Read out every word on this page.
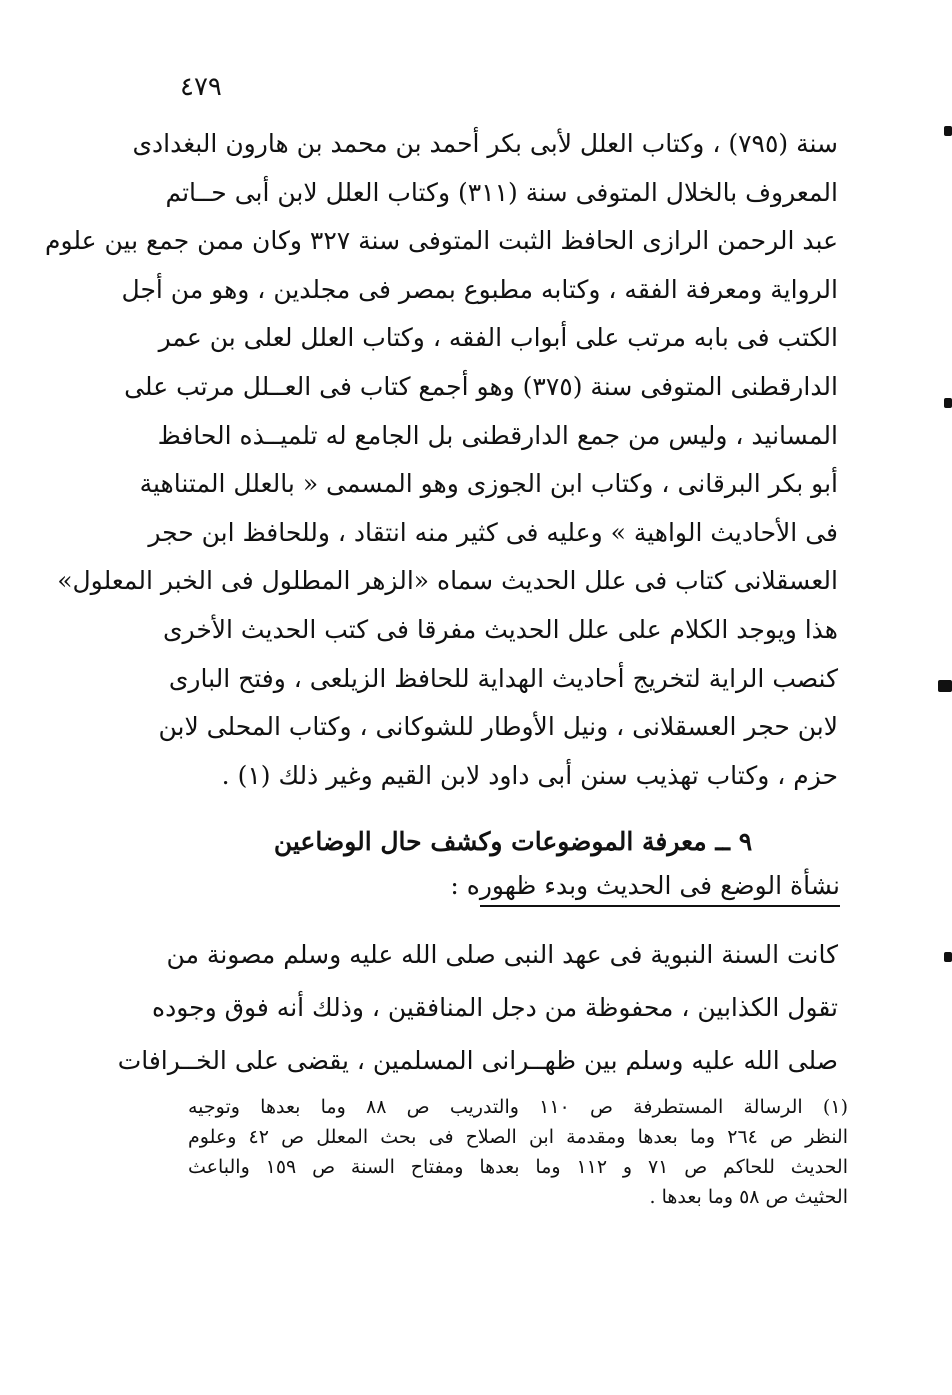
٤٧٩
سنة (٧٩٥) ، وكتاب العلل لأبى بكر أحمد بن محمد بن هارون البغدادى
المعروف بالخلال المتوفى سنة (٣١١) وكتاب العلل لابن أبى حــاتم
عبد الرحمن الرازى الحافظ الثبت المتوفى سنة ٣٢٧ وكان ممن جمع بين علوم
الرواية ومعرفة الفقه ، وكتابه مطبوع بمصر فى مجلدين ، وهو من أجل
الكتب فى بابه مرتب على أبواب الفقه ، وكتاب العلل لعلى بن عمر
الدارقطنى المتوفى سنة (٣٧٥) وهو أجمع كتاب فى العــلل مرتب على
المسانيد ، وليس من جمع الدارقطنى بل الجامع له تلميــذه الحافظ
أبو بكر البرقانى ، وكتاب ابن الجوزى وهو المسمى « بالعلل المتناهية
فى الأحاديث الواهية » وعليه فى كثير منه انتقاد ، وللحافظ ابن حجر
العسقلانى كتاب فى علل الحديث سماه «الزهر المطلول فى الخبر المعلول»
هذا ويوجد الكلام على علل الحديث مفرقا فى كتب الحديث الأخرى
كنصب الراية لتخريج أحاديث الهداية للحافظ الزيلعى ، وفتح البارى
لابن حجر العسقلانى ، ونيل الأوطار للشوكانى ، وكتاب المحلى لابن
حزم ، وكتاب تهذيب سنن أبى داود لابن القيم وغير ذلك (١) .
٩ ــ معرفة الموضوعات وكشف حال الوضاعين
نشأة الوضع فى الحديث وبدء ظهوره :
كانت السنة النبوية فى عهد النبى صلى الله عليه وسلم مصونة من
تقول الكذابين ، محفوظة من دجل المنافقين ، وذلك أنه فوق وجوده
صلى الله عليه وسلم بين ظهــرانى المسلمين ، يقضى على الخــرافات
(١) الرسالة المستطرفة ص ١١٠ والتدريب ص ٨٨ وما بعدها وتوجيه
النظر ص ٢٦٤ وما بعدها ومقدمة ابن الصلاح فى بحث المعلل ص ٤٢ وعلوم
الحديث للحاكم ص ٧١ و ١١٢ وما بعدها ومفتاح السنة ص ١٥٩ والباعث
الحثيث ص ٥٨ وما بعدها .
